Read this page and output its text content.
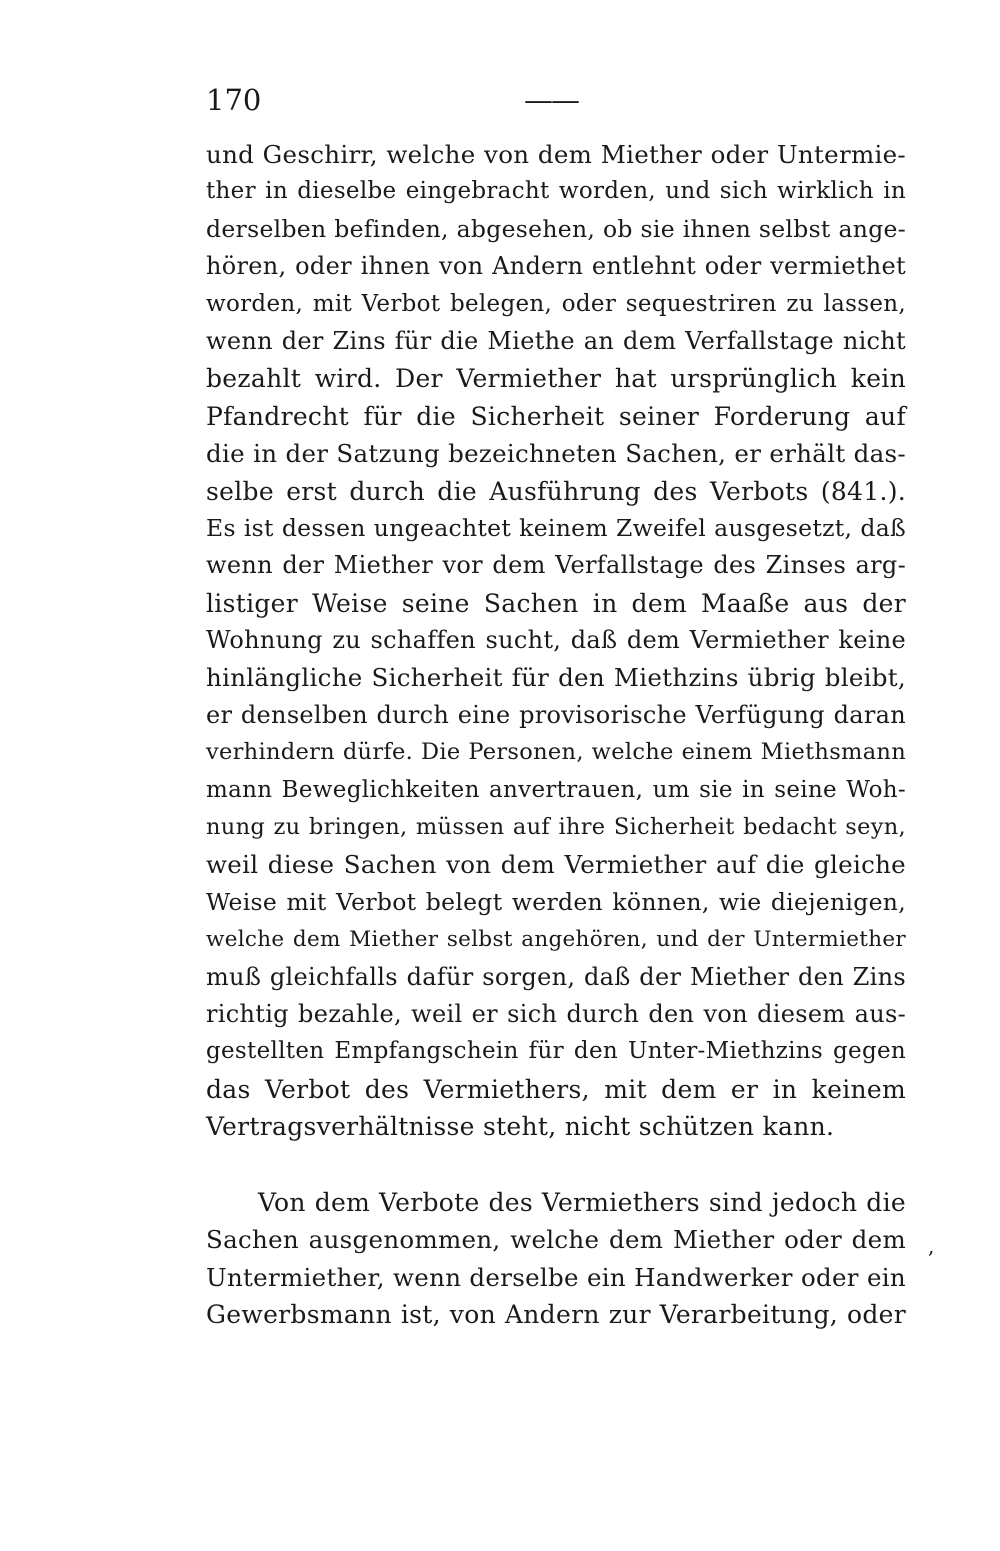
170	——
und Geschirr, welche von dem Miether oder Untermie-
ther in dieselbe eingebracht worden, und sich wirklich in
derselben befinden, abgesehen, ob sie ihnen selbst ange-
hören, oder ihnen von Andern entlehnt oder vermiethet
worden, mit Verbot belegen, oder sequestriren zu lassen,
wenn der Zins für die Miethe an dem Verfallstage nicht
bezahlt wird. Der Vermiether hat ursprünglich kein
Pfandrecht für die Sicherheit seiner Forderung auf
die in der Satzung bezeichneten Sachen, er erhält das-
selbe erst durch die Ausführung des Verbots (841.).
Es ist dessen ungeachtet keinem Zweifel ausgesetzt, daß
wenn der Miether vor dem Verfallstage des Zinses arg-
listiger Weise seine Sachen in dem Maaße aus der
Wohnung zu schaffen sucht, daß dem Vermiether keine
hinlängliche Sicherheit für den Miethzins übrig bleibt,
er denselben durch eine provisorische Verfügung daran
verhindern dürfe. Die Personen, welche einem Miethsmann
mann Beweglichkeiten anvertrauen, um sie in seine Woh-
nung zu bringen, müssen auf ihre Sicherheit bedacht seyn,
weil diese Sachen von dem Vermiether auf die gleiche
Weise mit Verbot belegt werden können, wie diejenigen,
welche dem Miether selbst angehören, und der Untermiether
muß gleichfalls dafür sorgen, daß der Miether den Zins
richtig bezahle, weil er sich durch den von diesem aus-
gestellten Empfangschein für den Unter-Miethzins gegen
das Verbot des Vermiethers, mit dem er in keinem
Vertragsverhältnisse steht, nicht schützen kann.
Von dem Verbote des Vermiethers sind jedoch die
Sachen ausgenommen, welche dem Miether oder dem
Untermiether, wenn derselbe ein Handwerker oder ein
Gewerbsmann ist, von Andern zur Verarbeitung, oder
,
